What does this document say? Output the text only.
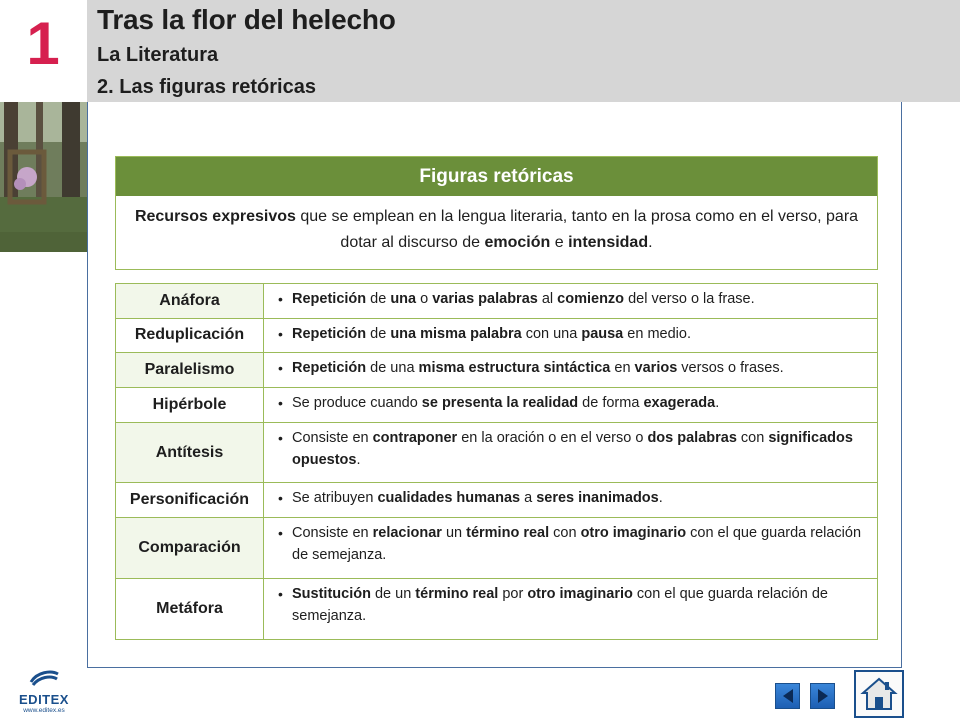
1 Tras la flor del helecho
La Literatura
2. Las figuras retóricas
Figuras retóricas
Recursos expresivos que se emplean en la lengua literaria, tanto en la prosa como en el verso, para dotar al discurso de emoción e intensidad.
Anáfora	• Repetición de una o varias palabras al comienzo del verso o la frase.
Reduplicación	• Repetición de una misma palabra con una pausa en medio.
Paralelismo	• Repetición de una misma estructura sintáctica en varios versos o frases.
Hipérbole	• Se produce cuando se presenta la realidad de forma exagerada.
Antítesis	• Consiste en contraponer en la oración o en el verso o dos palabras con significados opuestos.
Personificación	• Se atribuyen cualidades humanas a seres inanimados.
Comparación	• Consiste en relacionar un término real con otro imaginario con el que guarda relación de semejanza.
Metáfora	• Sustitución de un término real por otro imaginario con el que guarda relación de semejanza.
EDITEX
www.editex.es
